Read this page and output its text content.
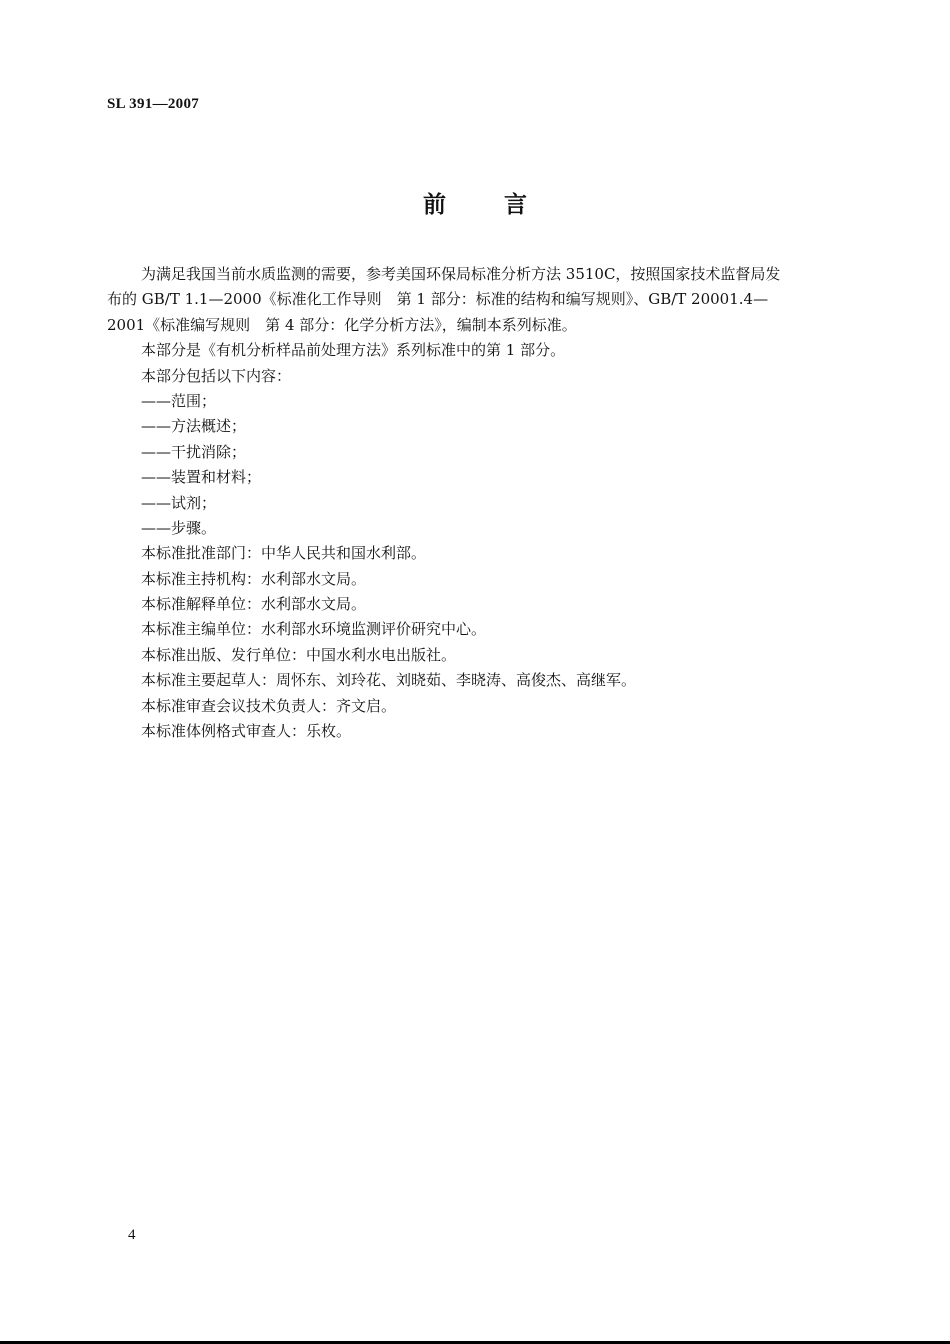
SL 391—2007
前言
为满足我国当前水质监测的需要，参考美国环保局标准分析方法 3510C，按照国家技术监督局发
布的 GB/T 1.1—2000《标准化工作导则　第 1 部分：标准的结构和编写规则》、GB/T 20001.4—
2001《标准编写规则　第 4 部分：化学分析方法》，编制本系列标准。
本部分是《有机分析样品前处理方法》系列标准中的第 1 部分。
本部分包括以下内容：
——范围；
——方法概述；
——干扰消除；
——装置和材料；
——试剂；
——步骤。
本标准批准部门：中华人民共和国水利部。
本标准主持机构：水利部水文局。
本标准解释单位：水利部水文局。
本标准主编单位：水利部水环境监测评价研究中心。
本标准出版、发行单位：中国水利水电出版社。
本标准主要起草人：周怀东、刘玲花、刘晓茹、李晓涛、高俊杰、高继军。
本标准审查会议技术负责人：齐文启。
本标准体例格式审查人：乐枚。
4
